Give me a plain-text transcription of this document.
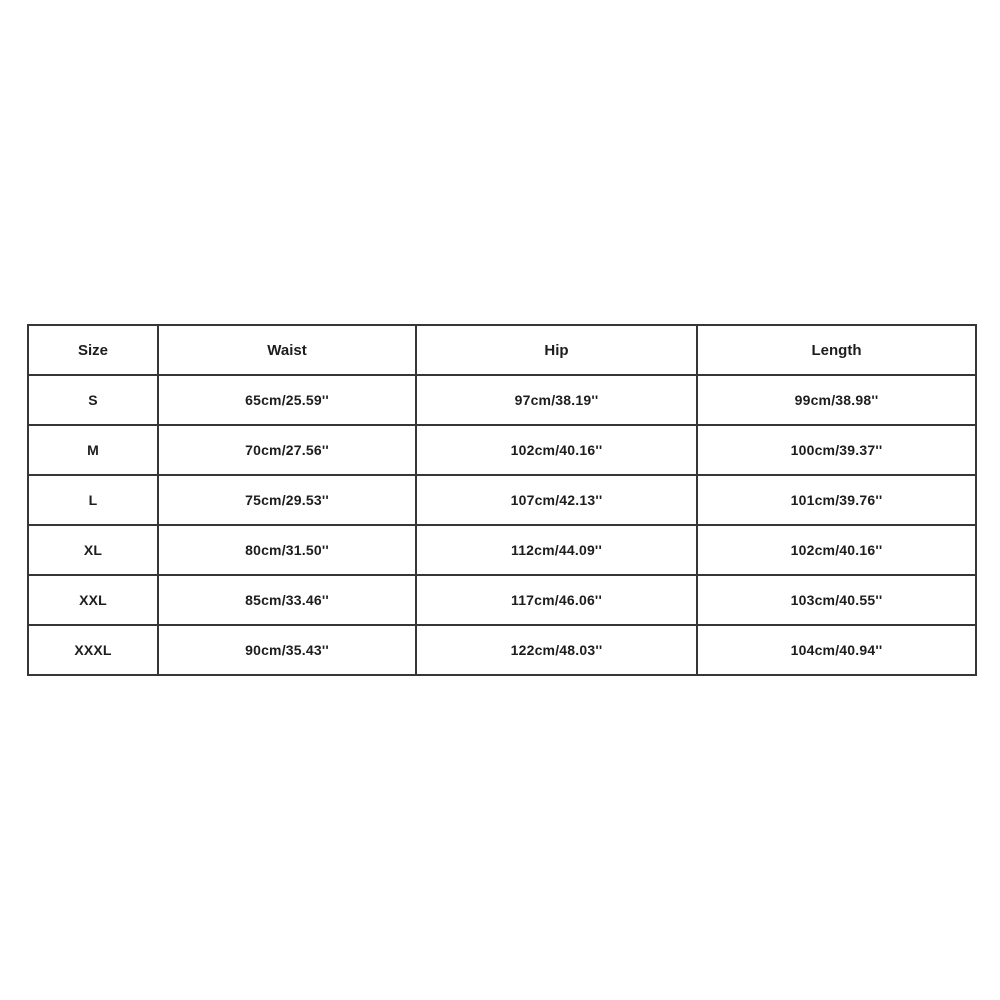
Size	Waist	Hip	Length
S	65cm/25.59''	97cm/38.19''	99cm/38.98''
M	70cm/27.56''	102cm/40.16''	100cm/39.37''
L	75cm/29.53''	107cm/42.13''	101cm/39.76''
XL	80cm/31.50''	112cm/44.09''	102cm/40.16''
XXL	85cm/33.46''	117cm/46.06''	103cm/40.55''
XXXL	90cm/35.43''	122cm/48.03''	104cm/40.94''
